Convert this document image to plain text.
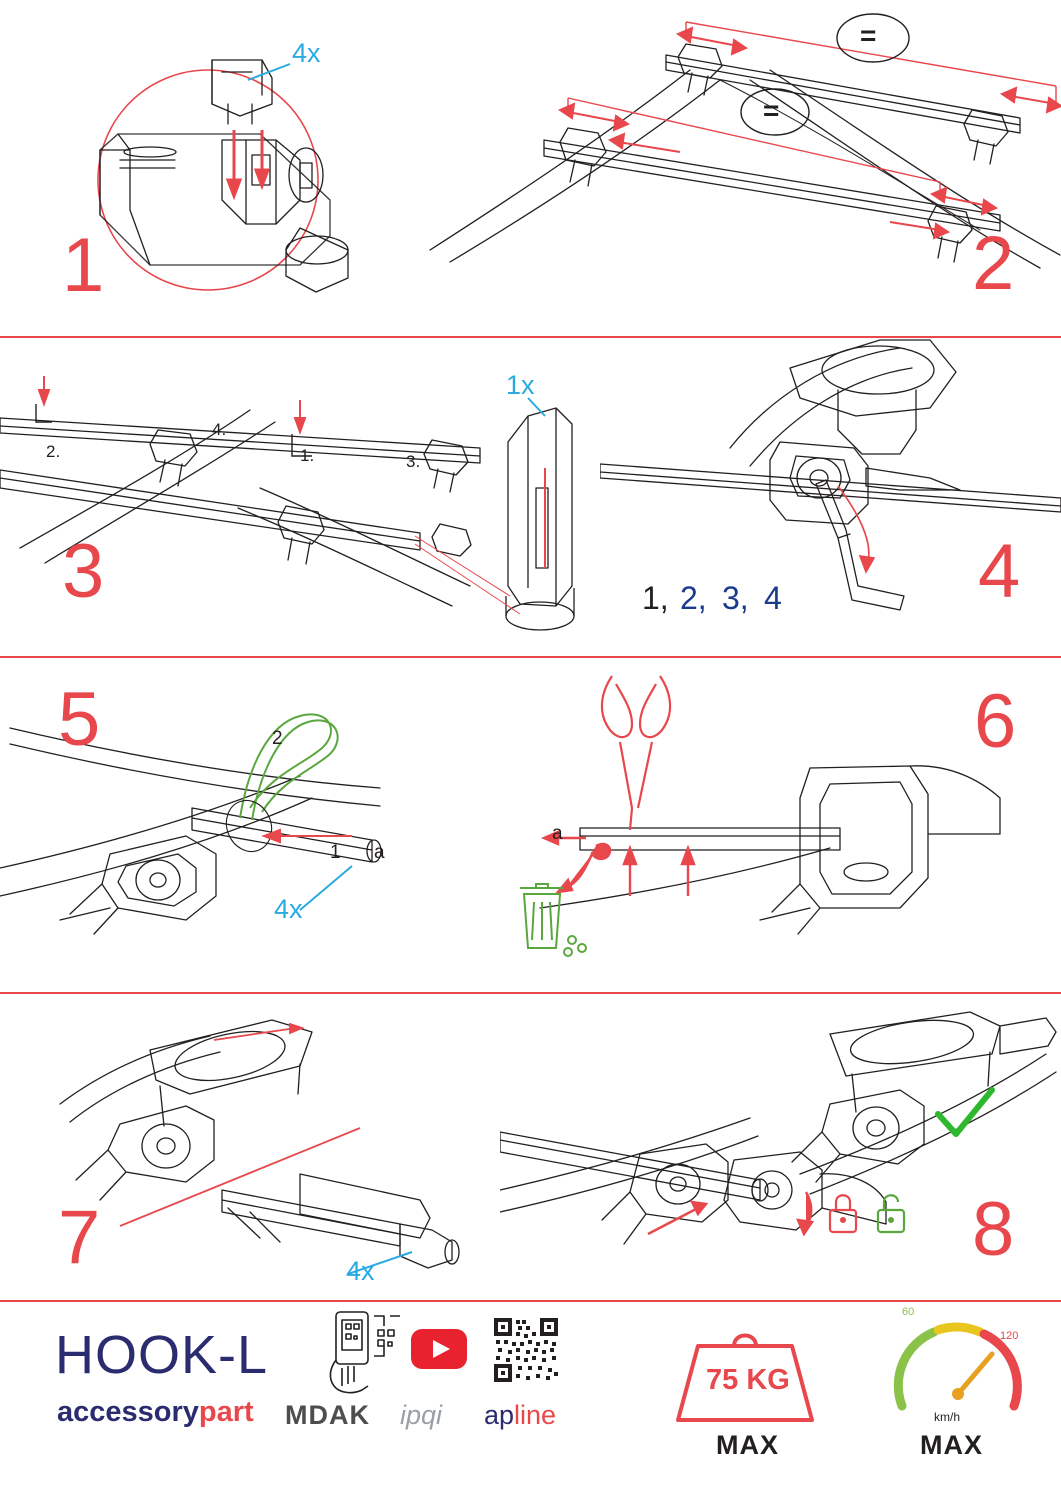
4x
1
=
=
2
2.
4.
3.
1.
1x
3	1, 2, 3, 4	4
5	2
1 a
4x
a
6
7	4x	8
HOOK-L
accessorypart MDAK ipqi apline
75 KG
MAX
60
120
km/h
MAX
